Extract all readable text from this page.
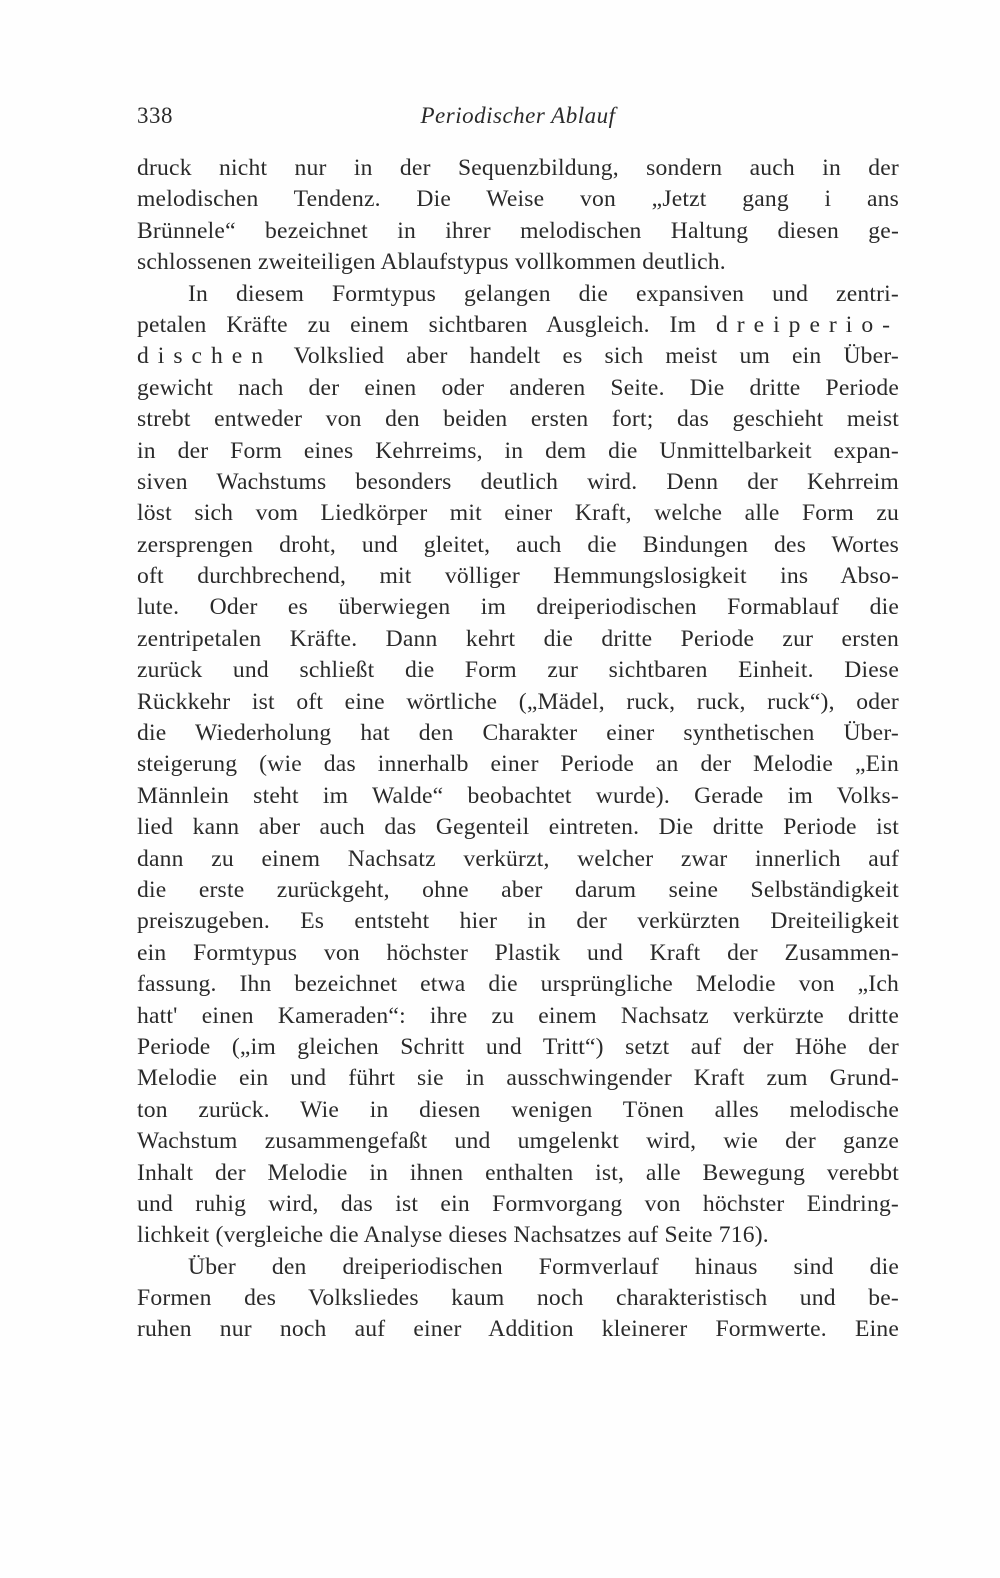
338	Periodischer Ablauf
druck nicht nur in der Sequenzbildung, sondern auch in der
melodischen Tendenz. Die Weise von „Jetzt gang i ans
Brünnele“ bezeichnet in ihrer melodischen Haltung diesen ge-
schlossenen zweiteiligen Ablaufstypus vollkommen deutlich.
In diesem Formtypus gelangen die expansiven und zentri-
petalen Kräfte zu einem sichtbaren Ausgleich. Im dreiperio-
dischen Volkslied aber handelt es sich meist um ein Über-
gewicht nach der einen oder anderen Seite. Die dritte Periode
strebt entweder von den beiden ersten fort; das geschieht meist
in der Form eines Kehrreims, in dem die Unmittelbarkeit expan-
siven Wachstums besonders deutlich wird. Denn der Kehrreim
löst sich vom Liedkörper mit einer Kraft, welche alle Form zu
zersprengen droht, und gleitet, auch die Bindungen des Wortes
oft durchbrechend, mit völliger Hemmungslosigkeit ins Abso-
lute. Oder es überwiegen im dreiperiodischen Formablauf die
zentripetalen Kräfte. Dann kehrt die dritte Periode zur ersten
zurück und schließt die Form zur sichtbaren Einheit. Diese
Rückkehr ist oft eine wörtliche („Mädel, ruck, ruck, ruck“), oder
die Wiederholung hat den Charakter einer synthetischen Über-
steigerung (wie das innerhalb einer Periode an der Melodie „Ein
Männlein steht im Walde“ beobachtet wurde). Gerade im Volks-
lied kann aber auch das Gegenteil eintreten. Die dritte Periode ist
dann zu einem Nachsatz verkürzt, welcher zwar innerlich auf
die erste zurückgeht, ohne aber darum seine Selbständigkeit
preiszugeben. Es entsteht hier in der verkürzten Dreiteiligkeit
ein Formtypus von höchster Plastik und Kraft der Zusammen-
fassung. Ihn bezeichnet etwa die ursprüngliche Melodie von „Ich
hatt' einen Kameraden“: ihre zu einem Nachsatz verkürzte dritte
Periode („im gleichen Schritt und Tritt“) setzt auf der Höhe der
Melodie ein und führt sie in ausschwingender Kraft zum Grund-
ton zurück. Wie in diesen wenigen Tönen alles melodische
Wachstum zusammengefaßt und umgelenkt wird, wie der ganze
Inhalt der Melodie in ihnen enthalten ist, alle Bewegung verebbt
und ruhig wird, das ist ein Formvorgang von höchster Eindring-
lichkeit (vergleiche die Analyse dieses Nachsatzes auf Seite 716).
Über den dreiperiodischen Formverlauf hinaus sind die
Formen des Volksliedes kaum noch charakteristisch und be-
ruhen nur noch auf einer Addition kleinerer Formwerte. Eine
